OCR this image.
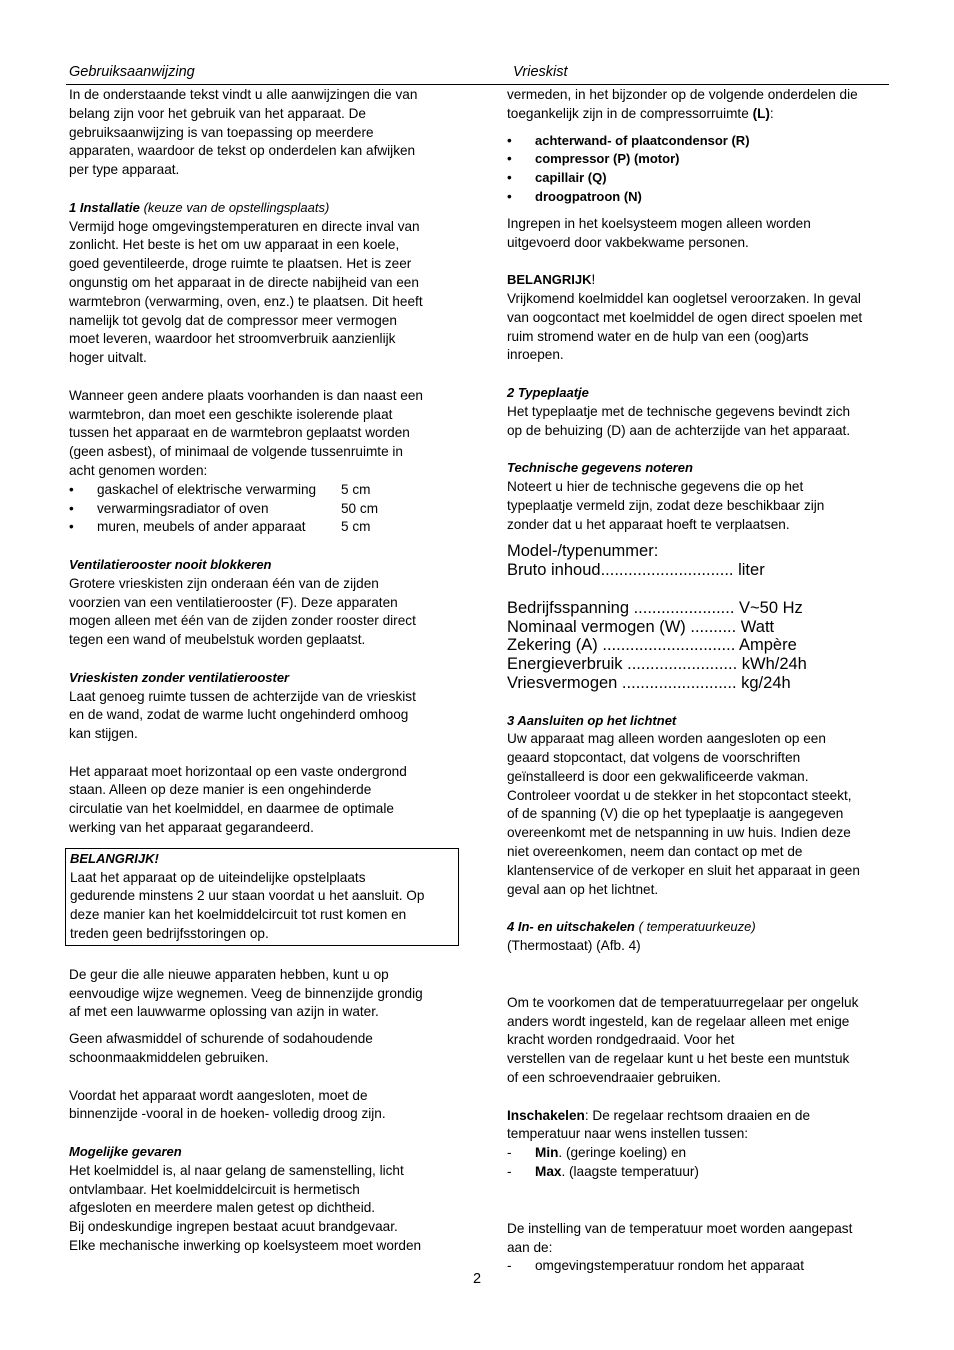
Gebruiksaanwijzing	Vrieskist

In de onderstaande tekst vindt u alle aanwijzingen die van

belang zijn voor het gebruik van het apparaat. De

gebruiksaanwijzing is van toepassing op meerdere

apparaten, waardoor de tekst op onderdelen kan afwijken

per type apparaat.

1 Installatie (keuze van de opstellingsplaats)

Vermijd hoge omgevingstemperaturen en directe inval van

zonlicht. Het beste is het om uw apparaat in een koele,

goed geventileerde, droge ruimte te plaatsen. Het is zeer

ongunstig om het apparaat in de directe nabijheid van een

warmtebron (verwarming, oven, enz.) te plaatsen. Dit heeft

namelijk tot gevolg dat de compressor meer vermogen

moet leveren, waardoor het stroomverbruik aanzienlijk

hoger uitvalt.

Wanneer geen andere plaats voorhanden is dan naast een

warmtebron, dan moet een geschikte isolerende plaat

tussen het apparaat en de warmtebron geplaatst worden

(geen asbest), of minimaal de volgende tussenruimte in

acht genomen worden:

•	gaskachel of elektrische verwarming	5 cm
•	verwarmingsradiator of oven	50 cm
•	muren, meubels of ander apparaat	5 cm

Ventilatierooster nooit blokkeren

Grotere vrieskisten zijn onderaan één van de zijden

voorzien van een ventilatierooster (F). Deze apparaten

mogen alleen met één van de zijden zonder rooster direct

tegen een wand of meubelstuk worden geplaatst.

Vrieskisten zonder ventilatierooster

Laat genoeg ruimte tussen de achterzijde van de vrieskist

en de wand, zodat de warme lucht ongehinderd omhoog

kan stijgen.

Het apparaat moet horizontaal op een vaste ondergrond

staan. Alleen op deze manier is een ongehinderde

circulatie van het koelmiddel, en daarmee de optimale

werking van het apparaat gegarandeerd.

BELANGRIJK!

Laat het apparaat op de uiteindelijke opstelplaats

gedurende minstens 2 uur staan voordat u het aansluit. Op

deze manier kan het koelmiddelcircuit tot rust komen en

treden geen bedrijfsstoringen op.

De geur die alle nieuwe apparaten hebben, kunt u op

eenvoudige wijze wegnemen. Veeg de binnenzijde grondig

af met een lauwwarme oplossing van azijn in water.

Geen afwasmiddel of schurende of sodahoudende

schoonmaakmiddelen gebruiken.

Voordat het apparaat wordt aangesloten, moet de

binnenzijde -vooral in de hoeken- volledig droog zijn.

Mogelijke gevaren

Het koelmiddel is, al naar gelang de samenstelling, licht

ontvlambaar. Het koelmiddelcircuit is hermetisch

afgesloten en meerdere malen getest op dichtheid.

Bij ondeskundige ingrepen bestaat acuut brandgevaar.

Elke mechanische inwerking op koelsysteem moet worden

vermeden, in het bijzonder op de volgende onderdelen die

toegankelijk zijn in de compressorruimte (L):

•	achterwand- of plaatcondensor (R)
•	compressor (P) (motor)
•	capillair (Q)
•	droogpatroon (N)

Ingrepen in het koelsysteem mogen alleen worden

uitgevoerd door vakbekwame personen.

BELANGRIJK!

Vrijkomend koelmiddel kan oogletsel veroorzaken. In geval

van oogcontact met koelmiddel de ogen direct spoelen met

ruim stromend water en de hulp van een (oog)arts

inroepen.

2 Typeplaatje

Het typeplaatje met de technische gegevens bevindt zich

op de behuizing (D) aan de achterzijde van het apparaat.

Technische gegevens noteren

Noteert u hier de technische gegevens die op het

typeplaatje vermeld zijn, zodat deze beschikbaar zijn

zonder dat u het apparaat hoeft te verplaatsen.

Model-/typenummer:

Bruto inhoud............................. liter

Bedrijfsspanning ...................... V~50 Hz

Nominaal vermogen (W) .......... Watt

Zekering (A) ............................. Ampère

Energieverbruik ........................ kWh/24h

Vriesvermogen ......................... kg/24h

3 Aansluiten op het lichtnet

Uw apparaat mag alleen worden aangesloten op een

geaard stopcontact, dat volgens de voorschriften

geïnstalleerd is door een gekwalificeerde vakman.

Controleer voordat u de stekker in het stopcontact steekt,

of de spanning (V) die op het typeplaatje is aangegeven

overeenkomt met de netspanning in uw huis. Indien deze

niet overeenkomen, neem dan contact op met de

klantenservice of de verkoper en sluit het apparaat in geen

geval aan op het lichtnet.

4 In- en uitschakelen ( temperatuurkeuze)

(Thermostaat) (Afb. 4)

Om te voorkomen dat de temperatuurregelaar per ongeluk

anders wordt ingesteld, kan de regelaar alleen met enige

kracht worden rondgedraaid. Voor het

verstellen van de regelaar kunt u het beste een muntstuk

of een schroevendraaier gebruiken.

Inschakelen: De regelaar rechtsom draaien en de

temperatuur naar wens instellen tussen:

-	Min. (geringe koeling) en
-	Max. (laagste temperatuur)

De instelling van de temperatuur moet worden aangepast

aan de:

-	omgevingstemperatuur rondom het apparaat
2
